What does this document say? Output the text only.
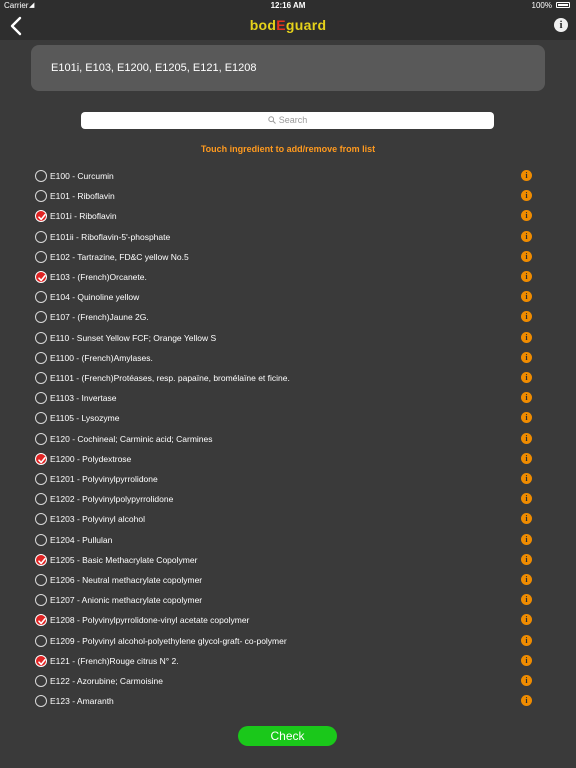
Carrier ◢	12:16 AM	100%
bodEguard	i
E101i, E103, E1200, E1205, E121, E1208
Search
Touch ingredient to add/remove from list
E100 - Curcumin	i
E101 - Riboflavin	i
E101i - Riboflavin	i
E101ii - Riboflavin-5'-phosphate	i
E102 - Tartrazine, FD&C yellow No.5	i
E103 - (French)Orcanete.	i
E104 - Quinoline yellow	i
E107 - (French)Jaune 2G.	i
E110 - Sunset Yellow FCF; Orange Yellow S	i
E1100 - (French)Amylases.	i
E1101 - (French)Protéases, resp. papaïne, bromélaïne et ficine.	i
E1103 - Invertase	i
E1105 - Lysozyme	i
E120 - Cochineal; Carminic acid; Carmines	i
E1200 - Polydextrose	i
E1201 - Polyvinylpyrrolidone	i
E1202 - Polyvinylpolypyrrolidone	i
E1203 - Polyvinyl alcohol	i
E1204 - Pullulan	i
E1205 - Basic Methacrylate Copolymer	i
E1206 - Neutral methacrylate copolymer	i
E1207 - Anionic methacrylate copolymer	i
E1208 - Polyvinylpyrrolidone-vinyl acetate copolymer	i
E1209 - Polyvinyl alcohol-polyethylene glycol-graft- co-polymer	i
E121 - (French)Rouge citrus N° 2.	i
E122 - Azorubine; Carmoisine	i
E123 - Amaranth	i
Check
